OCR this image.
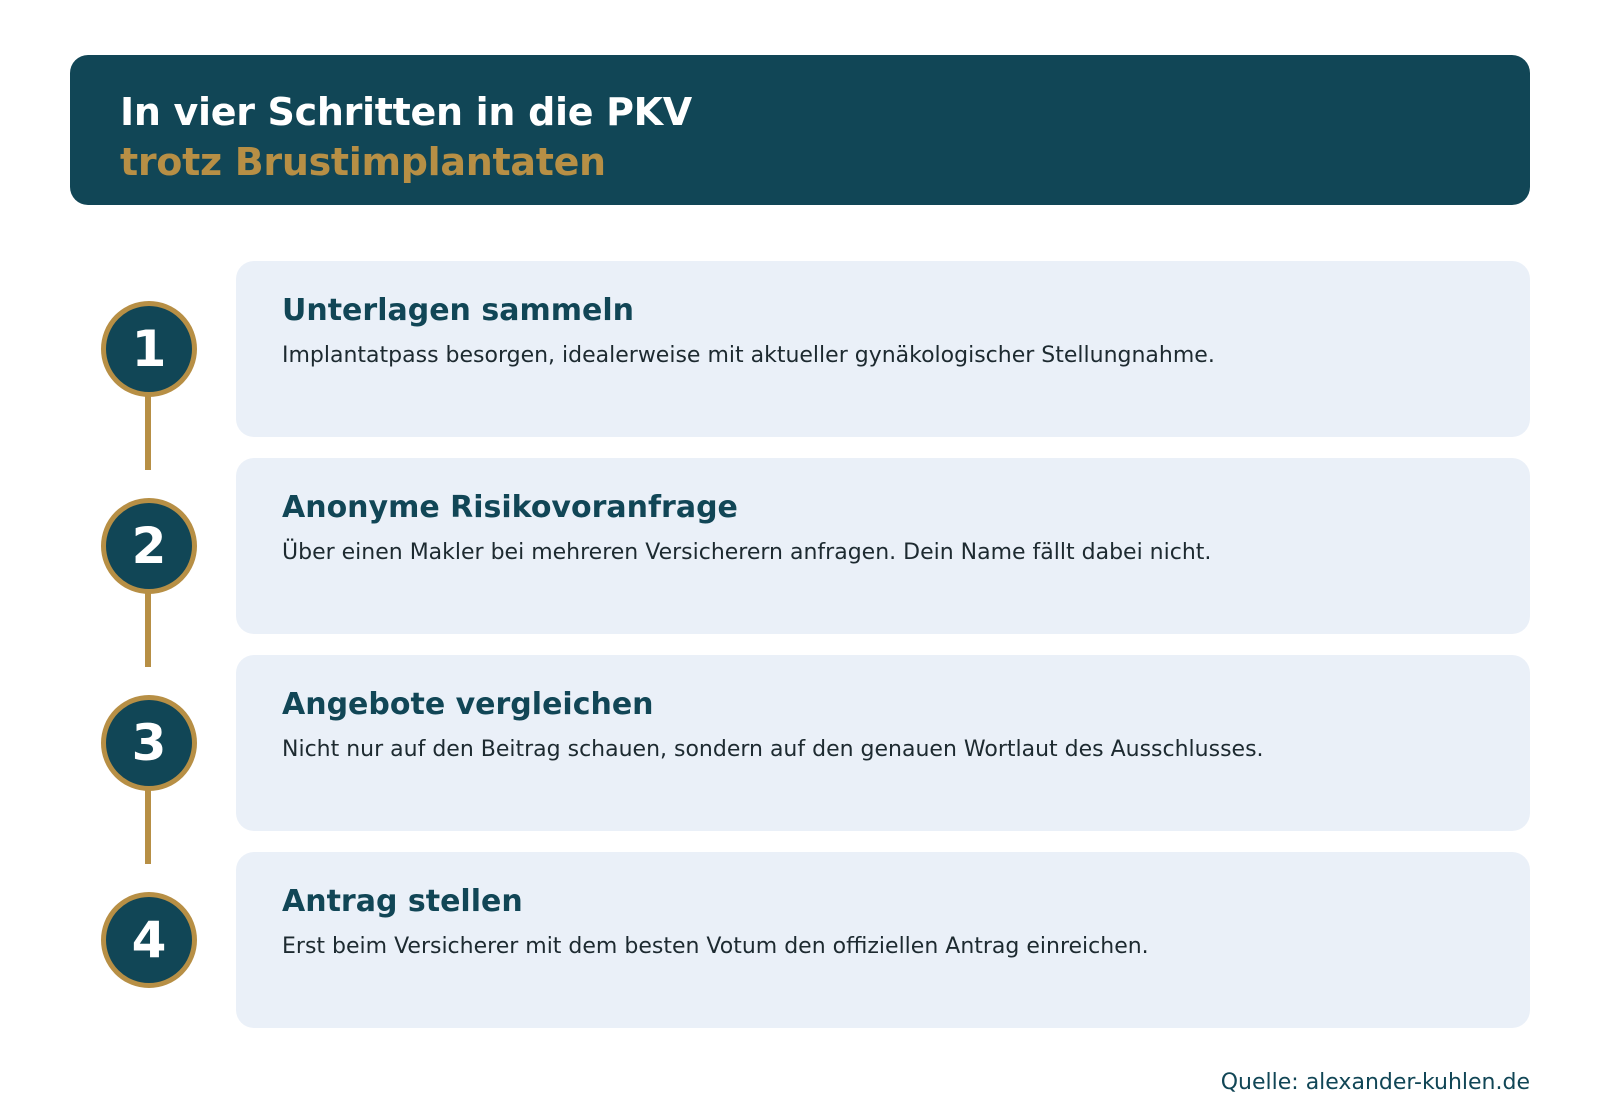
In vier Schritten in die PKV
trotz Brustimplantaten
1
Unterlagen sammeln
Implantatpass besorgen, idealerweise mit aktueller gynäkologischer Stellungnahme.
2
Anonyme Risikovoranfrage
Über einen Makler bei mehreren Versicherern anfragen. Dein Name fällt dabei nicht.
3
Angebote vergleichen
Nicht nur auf den Beitrag schauen, sondern auf den genauen Wortlaut des Ausschlusses.
4
Antrag stellen
Erst beim Versicherer mit dem besten Votum den offiziellen Antrag einreichen.
Quelle: alexander-kuhlen.de
